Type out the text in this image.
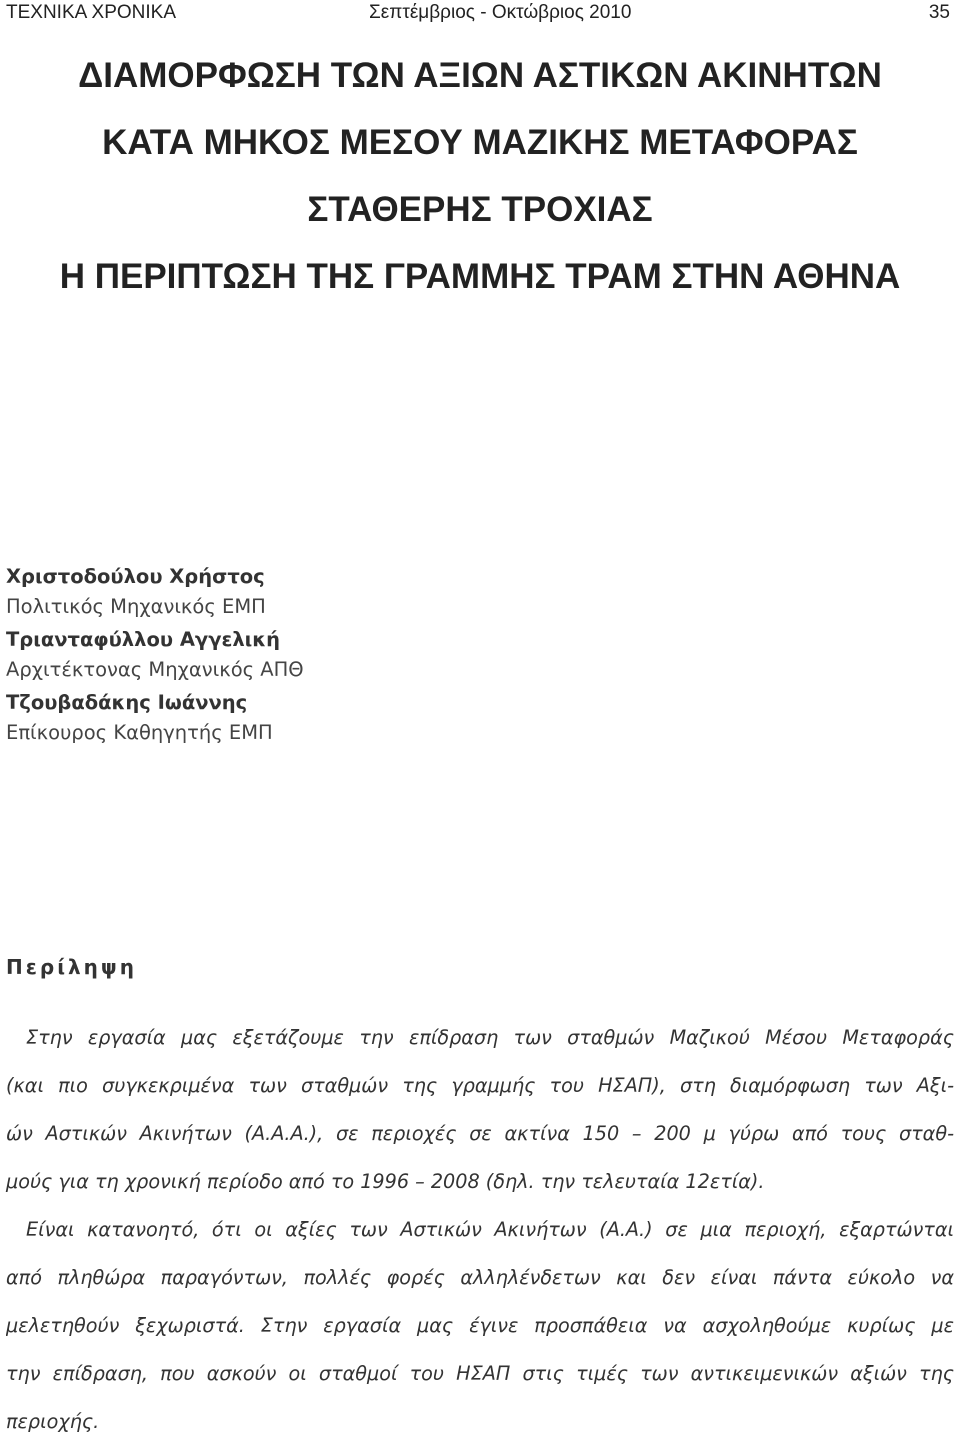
ΤΕΧΝΙΚΑ ΧΡΟΝΙΚΑ	Σεπτέμβριος - Οκτώβριος 2010	35
ΔΙΑΜΟΡΦΩΣΗ ΤΩΝ ΑΞΙΩΝ ΑΣΤΙΚΩΝ ΑΚΙΝΗΤΩΝ
ΚΑΤΑ ΜΗΚΟΣ ΜΕΣΟΥ ΜΑΖΙΚΗΣ ΜΕΤΑΦΟΡΑΣ
ΣΤΑΘΕΡΗΣ ΤΡΟΧΙΑΣ
Η ΠΕΡΙΠΤΩΣΗ ΤΗΣ ΓΡΑΜΜΗΣ ΤΡΑΜ ΣΤΗΝ ΑΘΗΝΑ
Χριστοδούλου Χρήστος
Πολιτικός Μηχανικός ΕΜΠ
Τριανταφύλλου Αγγελική
Αρχιτέκτονας Μηχανικός ΑΠΘ
Τζουβαδάκης Ιωάννης
Επίκουρος Καθηγητής ΕΜΠ
Περίληψη
Στην εργασία μας εξετάζουμε την επίδραση των σταθμών Μαζικού Μέσου Μεταφοράς
(και πιο συγκεκριμένα των σταθμών της γραμμής του ΗΣΑΠ), στη διαμόρφωση των Αξι-
ών Αστικών Ακινήτων (Α.Α.Α.), σε περιοχές σε ακτίνα 150 – 200 μ γύρω από τους σταθ-
μούς για τη χρονική περίοδο από το 1996 – 2008 (δηλ. την τελευταία 12ετία).
Είναι κατανοητό, ότι οι αξίες των Αστικών Ακινήτων (Α.Α.) σε μια περιοχή, εξαρτώνται
από πληθώρα παραγόντων, πολλές φορές αλληλένδετων και δεν είναι πάντα εύκολο να
μελετηθούν ξεχωριστά. Στην εργασία μας έγινε προσπάθεια να ασχοληθούμε κυρίως με
την επίδραση, που ασκούν οι σταθμοί του ΗΣΑΠ στις τιμές των αντικειμενικών αξιών της
περιοχής.
